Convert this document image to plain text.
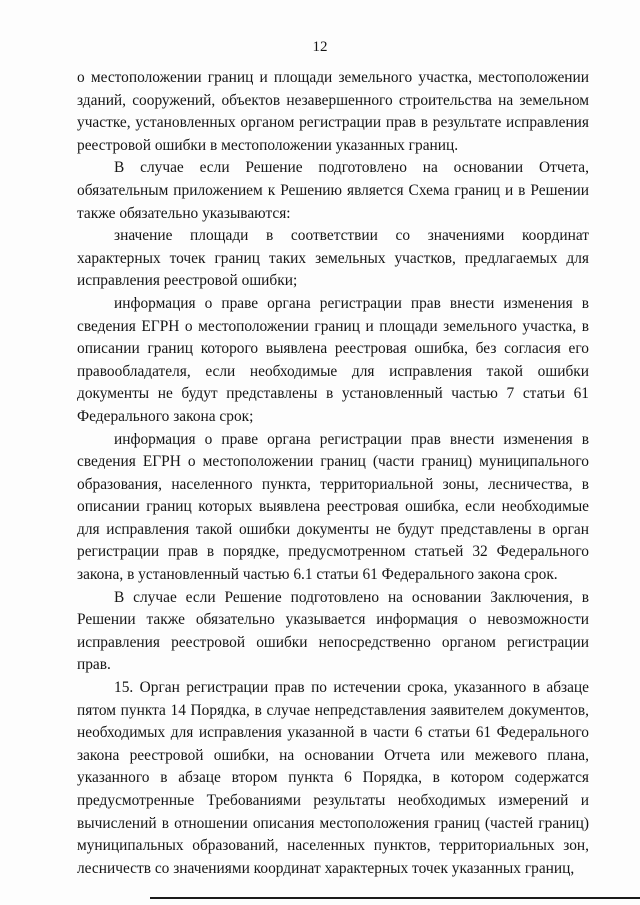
12

о местоположении границ и площади земельного участка, местоположении зданий, сооружений, объектов незавершенного строительства на земельном участке, установленных органом регистрации прав в результате исправления реестровой ошибки в местоположении указанных границ.

В случае если Решение подготовлено на основании Отчета, обязательным приложением к Решению является Схема границ и в Решении также обязательно указываются:

значение площади в соответствии со значениями координат характерных точек границ таких земельных участков, предлагаемых для исправления реестровой ошибки;

информация о праве органа регистрации прав внести изменения в сведения ЕГРН о местоположении границ и площади земельного участка, в описании границ которого выявлена реестровая ошибка, без согласия его правообладателя, если необходимые для исправления такой ошибки документы не будут представлены в установленный частью 7 статьи 61 Федерального закона срок;

информация о праве органа регистрации прав внести изменения в сведения ЕГРН о местоположении границ (части границ) муниципального образования, населенного пункта, территориальной зоны, лесничества, в описании границ которых выявлена реестровая ошибка, если необходимые для исправления такой ошибки документы не будут представлены в орган регистрации прав в порядке, предусмотренном статьей 32 Федерального закона, в установленный частью 6.1 статьи 61 Федерального закона срок.

В случае если Решение подготовлено на основании Заключения, в Решении также обязательно указывается информация о невозможности исправления реестровой ошибки непосредственно органом регистрации прав.

15. Орган регистрации прав по истечении срока, указанного в абзаце пятом пункта 14 Порядка, в случае непредставления заявителем документов, необходимых для исправления указанной в части 6 статьи 61 Федерального закона реестровой ошибки, на основании Отчета или межевого плана, указанного в абзаце втором пункта 6 Порядка, в котором содержатся предусмотренные Требованиями результаты необходимых измерений и вычислений в отношении описания местоположения границ (частей границ) муниципальных образований, населенных пунктов, территориальных зон, лесничеств со значениями координат характерных точек указанных границ,
